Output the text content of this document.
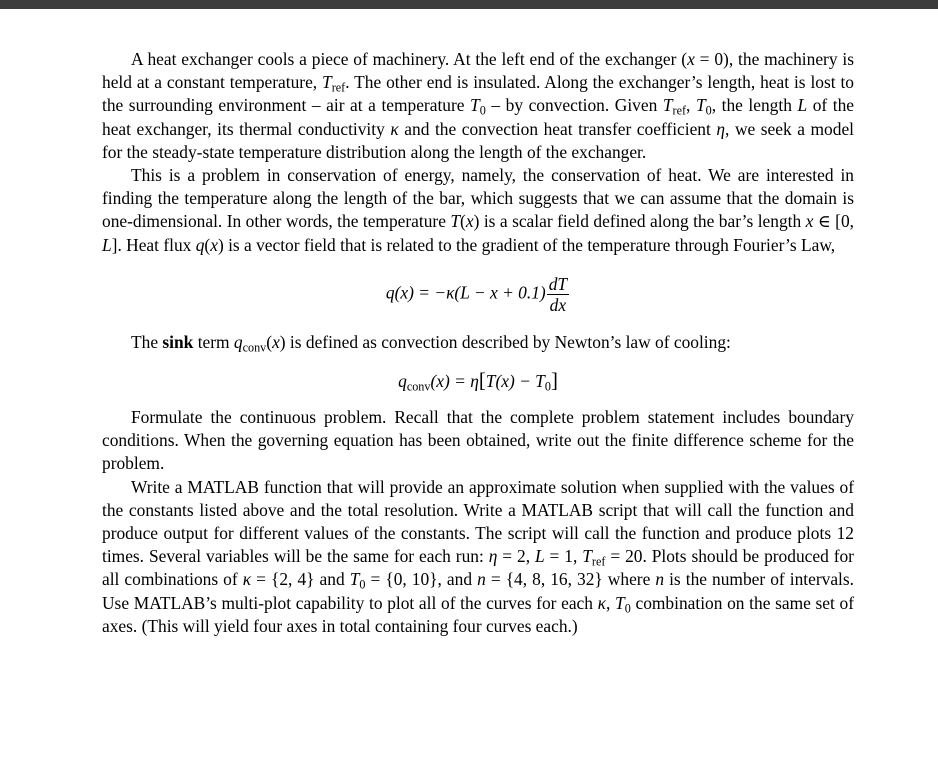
A heat exchanger cools a piece of machinery. At the left end of the exchanger (x = 0), the machinery is held at a constant temperature, $T_{ref}$. The other end is insulated. Along the exchanger’s length, heat is lost to the surrounding environment – air at a temperature $T_0$ – by convection. Given $T_{ref}$, $T_0$, the length L of the heat exchanger, its thermal conductivity κ and the convection heat transfer coefficient η, we seek a model for the steady-state temperature distribution along the length of the exchanger.

This is a problem in conservation of energy, namely, the conservation of heat. We are interested in finding the temperature along the length of the bar, which suggests that we can assume that the domain is one-dimensional. In other words, the temperature T(x) is a scalar field defined along the bar’s length x ∈ [0, L]. Heat flux q(x) is a vector field that is related to the gradient of the temperature through Fourier’s Law,

$q(x) = -\kappa(L - x + 0.1) \frac{dT}{dx}$

The sink term $q_{conv}(x)$ is defined as convection described by Newton’s law of cooling:

$q_{conv}(x) = \eta[T(x) - T_0]$

Formulate the continuous problem. Recall that the complete problem statement includes boundary conditions. When the governing equation has been obtained, write out the finite difference scheme for the problem.

Write a MATLAB function that will provide an approximate solution when supplied with the values of the constants listed above and the total resolution. Write a MATLAB script that will call the function and produce output for different values of the constants. The script will call the function and produce plots 12 times. Several variables will be the same for each run: η = 2, L = 1, $T_{ref} = 20$. Plots should be produced for all combinations of κ = {2, 4} and $T_0 = \{0$, 10}, and n = {4, 8, 16, 32} where n is the number of intervals. Use MATLAB’s multi-plot capability to plot all of the curves for each κ, $T_0$ combination on the same set of axes. (This will yield four axes in total containing four curves each.)
